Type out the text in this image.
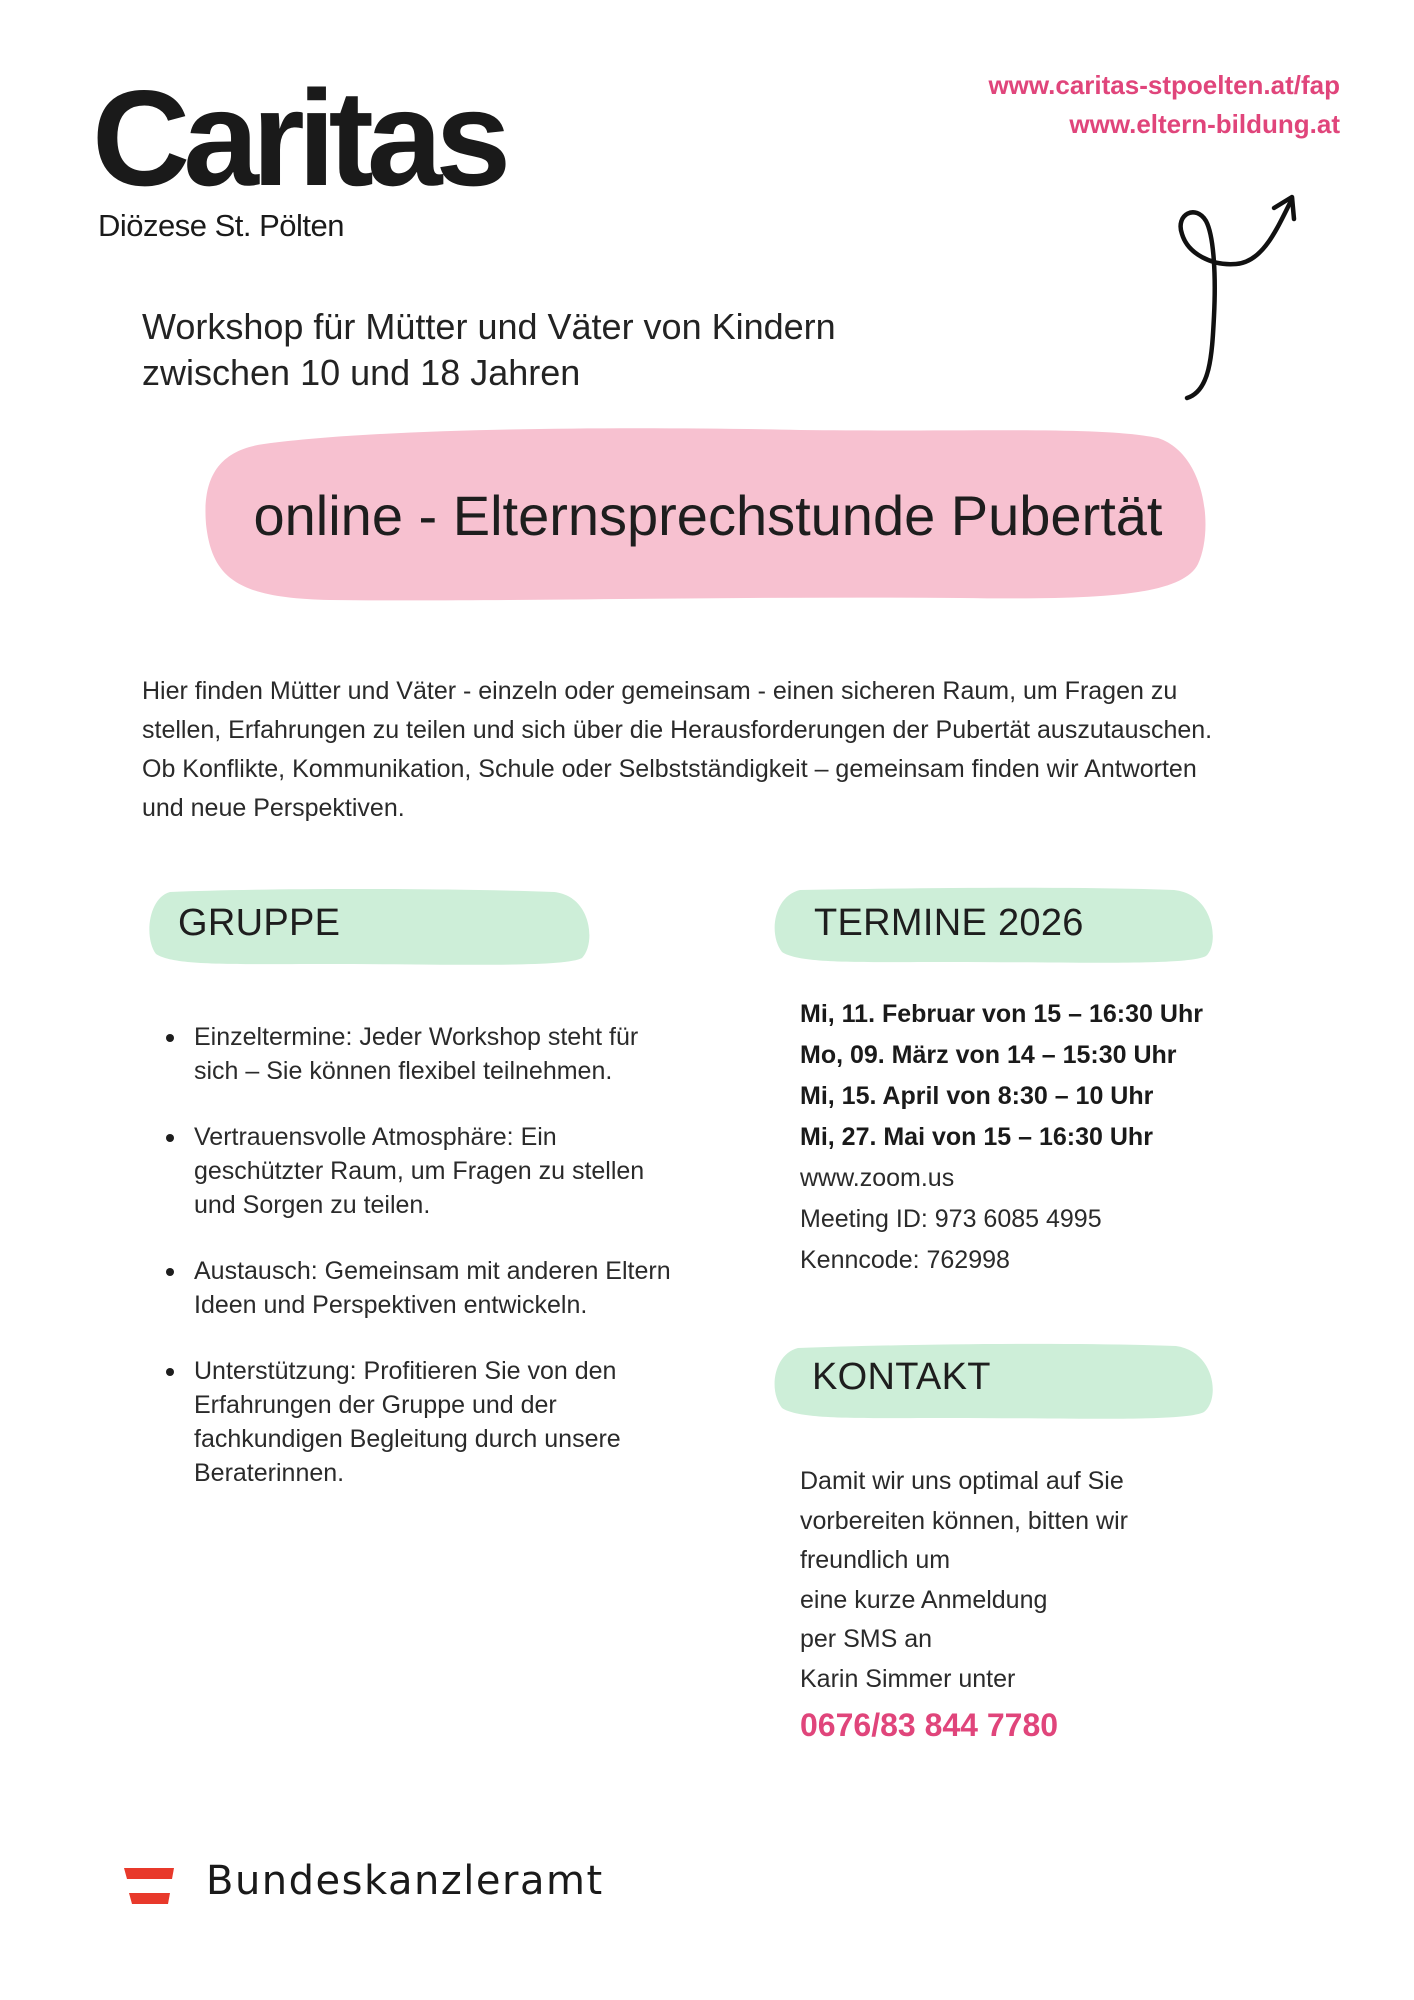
Caritas
Diözese St. Pölten
www.caritas-stpoelten.at/fap
www.eltern-bildung.at
Workshop für Mütter und Väter von Kindern
zwischen 10 und 18 Jahren
online - Elternsprechstunde Pubertät
Hier finden Mütter und Väter - einzeln oder gemeinsam - einen sicheren Raum, um Fragen zu
stellen, Erfahrungen zu teilen und sich über die Herausforderungen der Pubertät auszutauschen.
Ob Konflikte, Kommunikation, Schule oder Selbstständigkeit – gemeinsam finden wir Antworten
und neue Perspektiven.
GRUPPE
Einzeltermine: Jeder Workshop steht für
sich – Sie können flexibel teilnehmen.
Vertrauensvolle Atmosphäre: Ein
geschützter Raum, um Fragen zu stellen
und Sorgen zu teilen.
Austausch: Gemeinsam mit anderen Eltern
Ideen und Perspektiven entwickeln.
Unterstützung: Profitieren Sie von den
Erfahrungen der Gruppe und der
fachkundigen Begleitung durch unsere
Beraterinnen.
TERMINE 2026
Mi, 11. Februar von 15 – 16:30 Uhr
Mo, 09. März von 14 – 15:30 Uhr
Mi, 15. April von 8:30 – 10 Uhr
Mi, 27. Mai von 15 – 16:30 Uhr
www.zoom.us
Meeting ID: 973 6085 4995
Kenncode: 762998
KONTAKT
Damit wir uns optimal auf Sie
vorbereiten können, bitten wir
freundlich um
eine kurze Anmeldung
per SMS an
Karin Simmer unter
0676/83 844 7780
Bundeskanzleramt
